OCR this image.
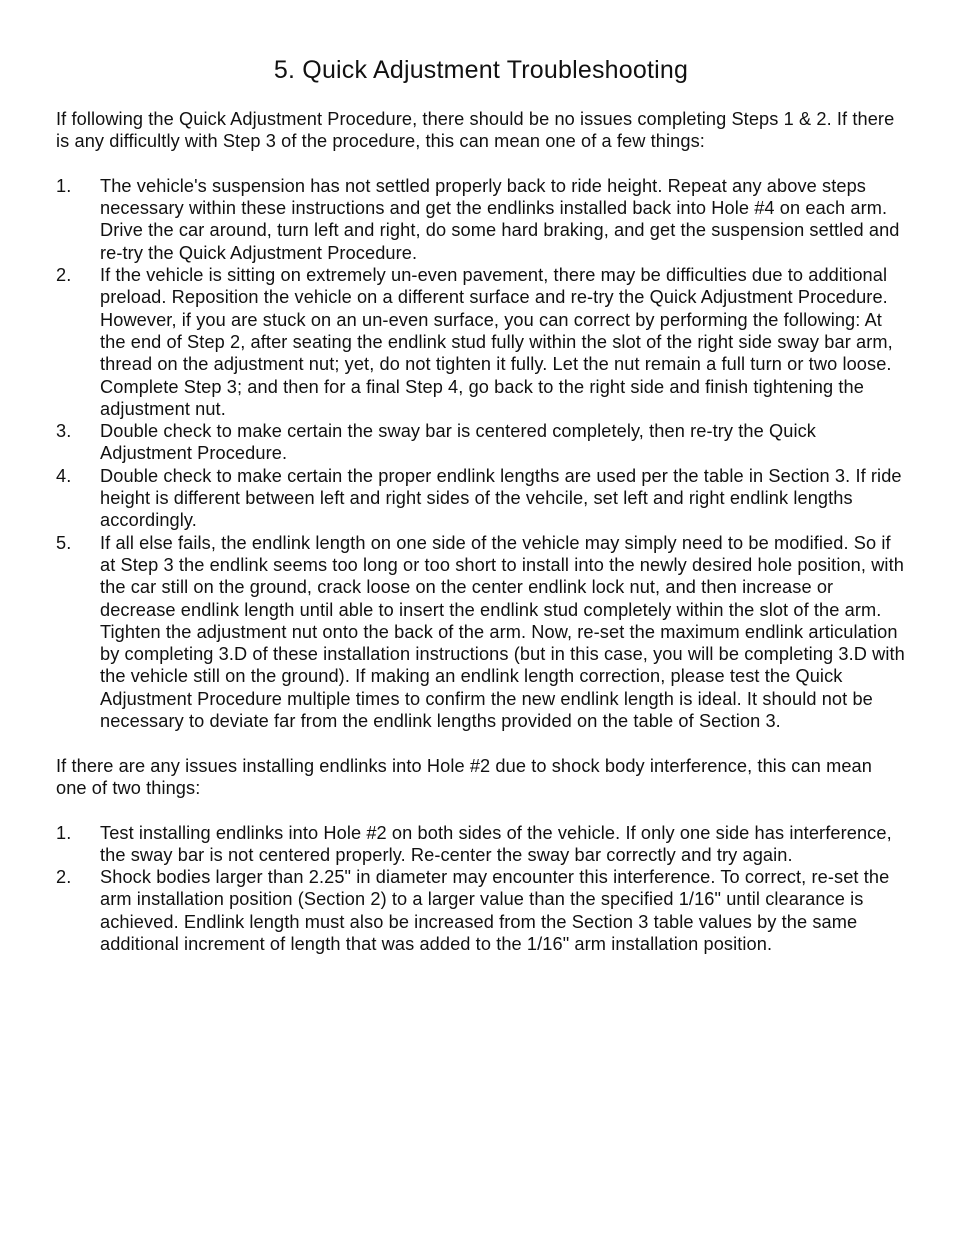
5. Quick Adjustment Troubleshooting

If following the Quick Adjustment Procedure, there should be no issues completing Steps 1 & 2. If there is any difficultly with Step 3 of the procedure, this can mean one of a few things:

1.	The vehicle's suspension has not settled properly back to ride height. Repeat any above steps necessary within these instructions and get the endlinks installed back into Hole #4 on each arm. Drive the car around, turn left and right, do some hard braking, and get the suspension settled and re-try the Quick Adjustment Procedure.
2.	If the vehicle is sitting on extremely un-even pavement, there may be difficulties due to additional preload. Reposition the vehicle on a different surface and re-try the Quick Adjustment Procedure. However, if you are stuck on an un-even surface, you can correct by performing the following: At the end of Step 2, after seating the endlink stud fully within the slot of the right side sway bar arm, thread on the adjustment nut; yet, do not tighten it fully. Let the nut remain a full turn or two loose. Complete Step 3; and then for a final Step 4, go back to the right side and finish tightening the adjustment nut.
3.	Double check to make certain the sway bar is centered completely, then re-try the Quick Adjustment Procedure.
4.	Double check to make certain the proper endlink lengths are used per the table in Section 3. If ride height is different between left and right sides of the vehcile, set left and right endlink lengths accordingly.
5.	If all else fails, the endlink length on one side of the vehicle may simply need to be modified. So if at Step 3 the endlink seems too long or too short to install into the newly desired hole position, with the car still on the ground, crack loose on the center endlink lock nut, and then increase or decrease endlink length until able to insert the endlink stud completely within the slot of the arm. Tighten the adjustment nut onto the back of the arm. Now, re-set the maximum endlink articulation by completing 3.D of these installation instructions (but in this case, you will be completing 3.D with the vehicle still on the ground). If making an endlink length correction, please test the Quick Adjustment Procedure multiple times to confirm the new endlink length is ideal. It should not be necessary to deviate far from the endlink lengths provided on the table of Section 3.

If there are any issues installing endlinks into Hole #2 due to shock body interference, this can mean one of two things:

1.	Test installing endlinks into Hole #2 on both sides of the vehicle. If only one side has interference, the sway bar is not centered properly. Re-center the sway bar correctly and try again.
2.	Shock bodies larger than 2.25" in diameter may encounter this interference. To correct, re-set the arm installation position (Section 2) to a larger value than the specified 1/16" until clearance is achieved. Endlink length must also be increased from the Section 3 table values by the same additional increment of length that was added to the 1/16" arm installation position.
